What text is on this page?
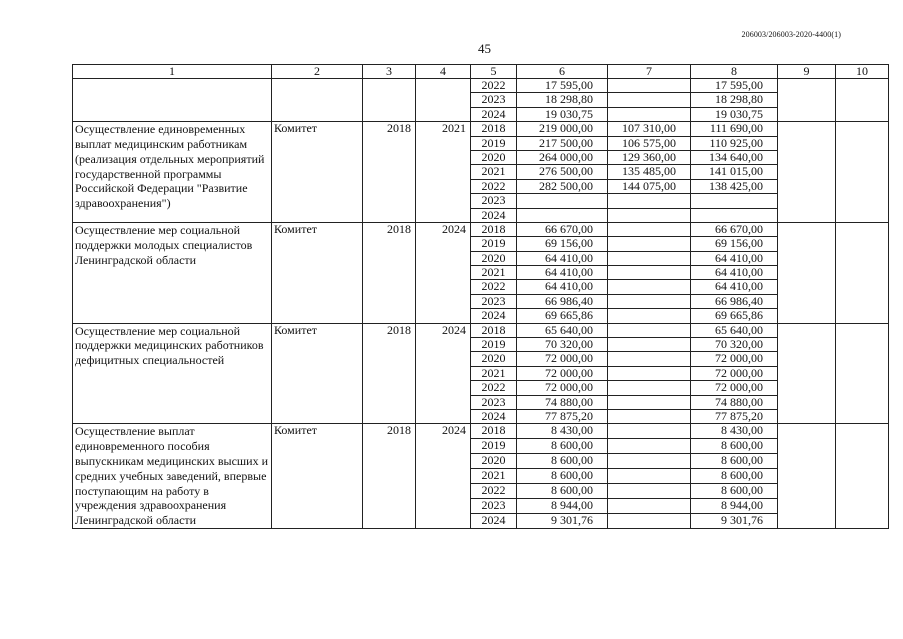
206003/206003-2020-4400(1)
45
1	2	3	4	5	6	7	8	9	10
				2022	17 595,00		17 595,00		
				2023	18 298,80		18 298,80		
				2024	19 030,75		19 030,75		
Осуществление единовременных выплат медицинским работникам (реализация отдельных мероприятий государственной программы Российской Федерации "Развитие здравоохранения")	Комитет	2018	2021	2018	219 000,00	107 310,00	111 690,00		
				2019	217 500,00	106 575,00	110 925,00		
				2020	264 000,00	129 360,00	134 640,00		
				2021	276 500,00	135 485,00	141 015,00		
				2022	282 500,00	144 075,00	138 425,00		
				2023					
				2024					
Осуществление мер социальной поддержки молодых специалистов Ленинградской области	Комитет	2018	2024	2018	66 670,00		66 670,00		
				2019	69 156,00		69 156,00		
				2020	64 410,00		64 410,00		
				2021	64 410,00		64 410,00		
				2022	64 410,00		64 410,00		
				2023	66 986,40		66 986,40		
				2024	69 665,86		69 665,86		
Осуществление мер социальной поддержки медицинских работников дефицитных специальностей	Комитет	2018	2024	2018	65 640,00		65 640,00		
				2019	70 320,00		70 320,00		
				2020	72 000,00		72 000,00		
				2021	72 000,00		72 000,00		
				2022	72 000,00		72 000,00		
				2023	74 880,00		74 880,00		
				2024	77 875,20		77 875,20		
Осуществление выплат единовременного пособия выпускникам медицинских высших и средних учебных заведений, впервые поступающим на работу в учреждения здравоохранения Ленинградской области	Комитет	2018	2024	2018	8 430,00		8 430,00		
				2019	8 600,00		8 600,00		
				2020	8 600,00		8 600,00		
				2021	8 600,00		8 600,00		
				2022	8 600,00		8 600,00		
				2023	8 944,00		8 944,00		
				2024	9 301,76		9 301,76		
